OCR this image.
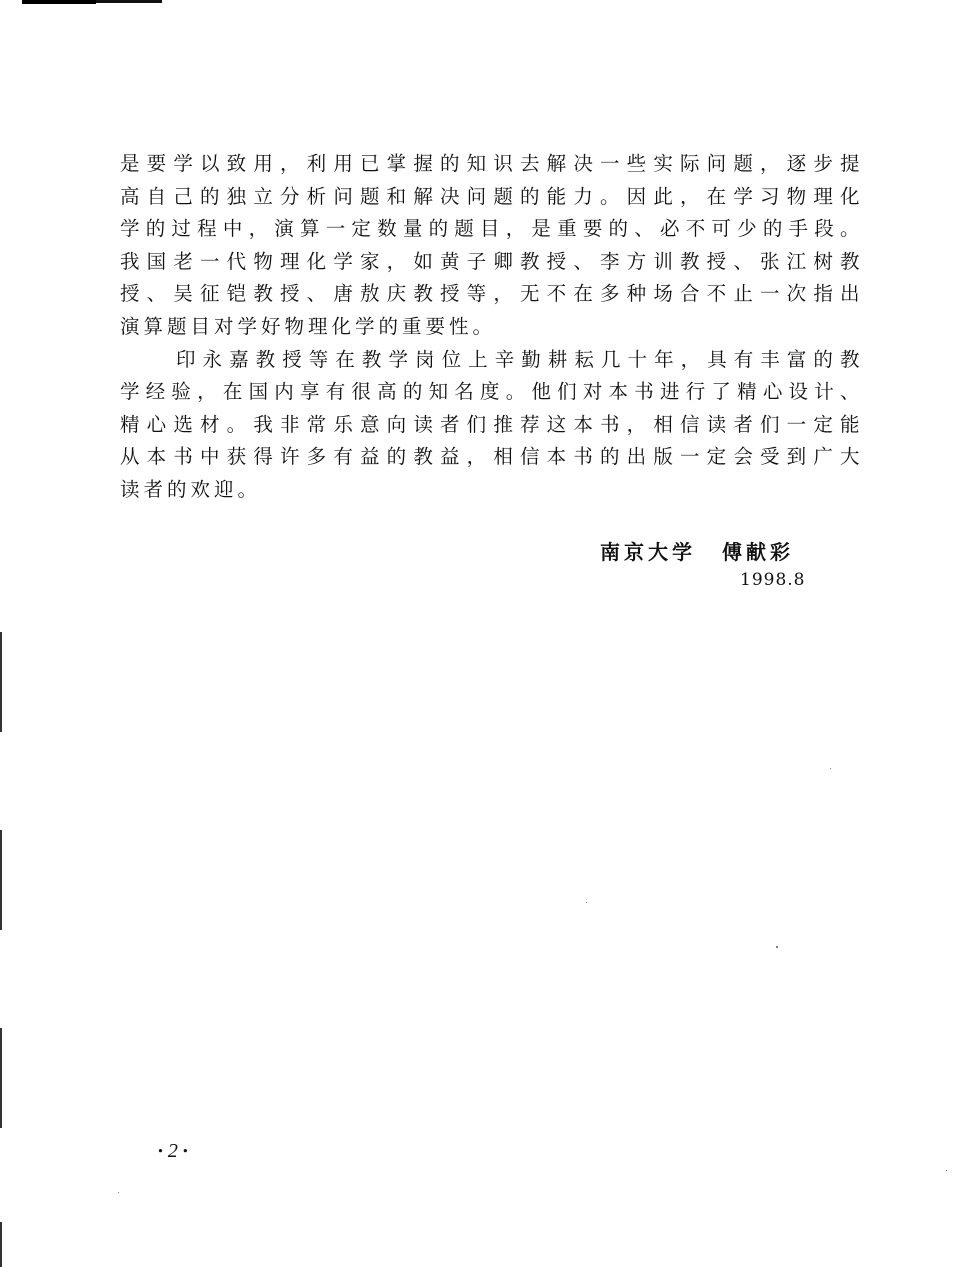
是要学以致用，利用已掌握的知识去解决一些实际问题，逐步提
高自己的独立分析问题和解决问题的能力。因此，在学习物理化
学的过程中，演算一定数量的题目，是重要的、必不可少的手段。
我国老一代物理化学家，如黄子卿教授、李方训教授、张江树教
授、吴征铠教授、唐敖庆教授等，无不在多种场合不止一次指出
演算题目对学好物理化学的重要性。
印永嘉教授等在教学岗位上辛勤耕耘几十年，具有丰富的教
学经验，在国内享有很高的知名度。他们对本书进行了精心设计、
精心选材。我非常乐意向读者们推荐这本书，相信读者们一定能
从本书中获得许多有益的教益，相信本书的出版一定会受到广大
读者的欢迎。
南京大学 傅献彩
1998.8
• 2 •
